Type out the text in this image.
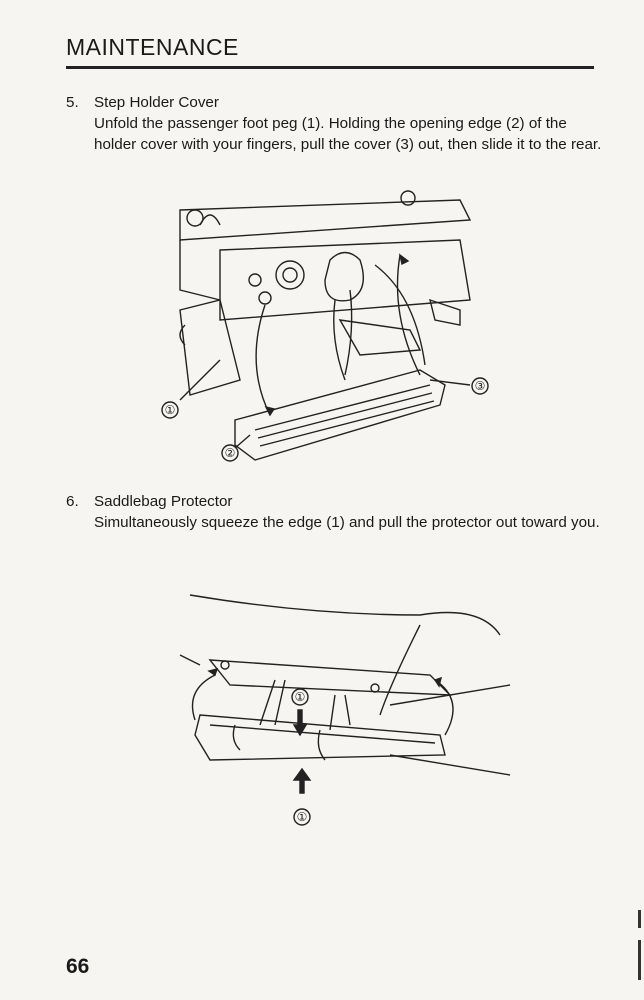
MAINTENANCE
5. Step Holder Cover
Unfold the passenger foot peg (1). Holding the opening edge (2) of the holder cover with your fingers, pull the cover (3) out, then slide it to the rear.
①
②
③
6. Saddlebag Protector
Simultaneously squeeze the edge (1) and pull the protector out toward you.
①
①
66
